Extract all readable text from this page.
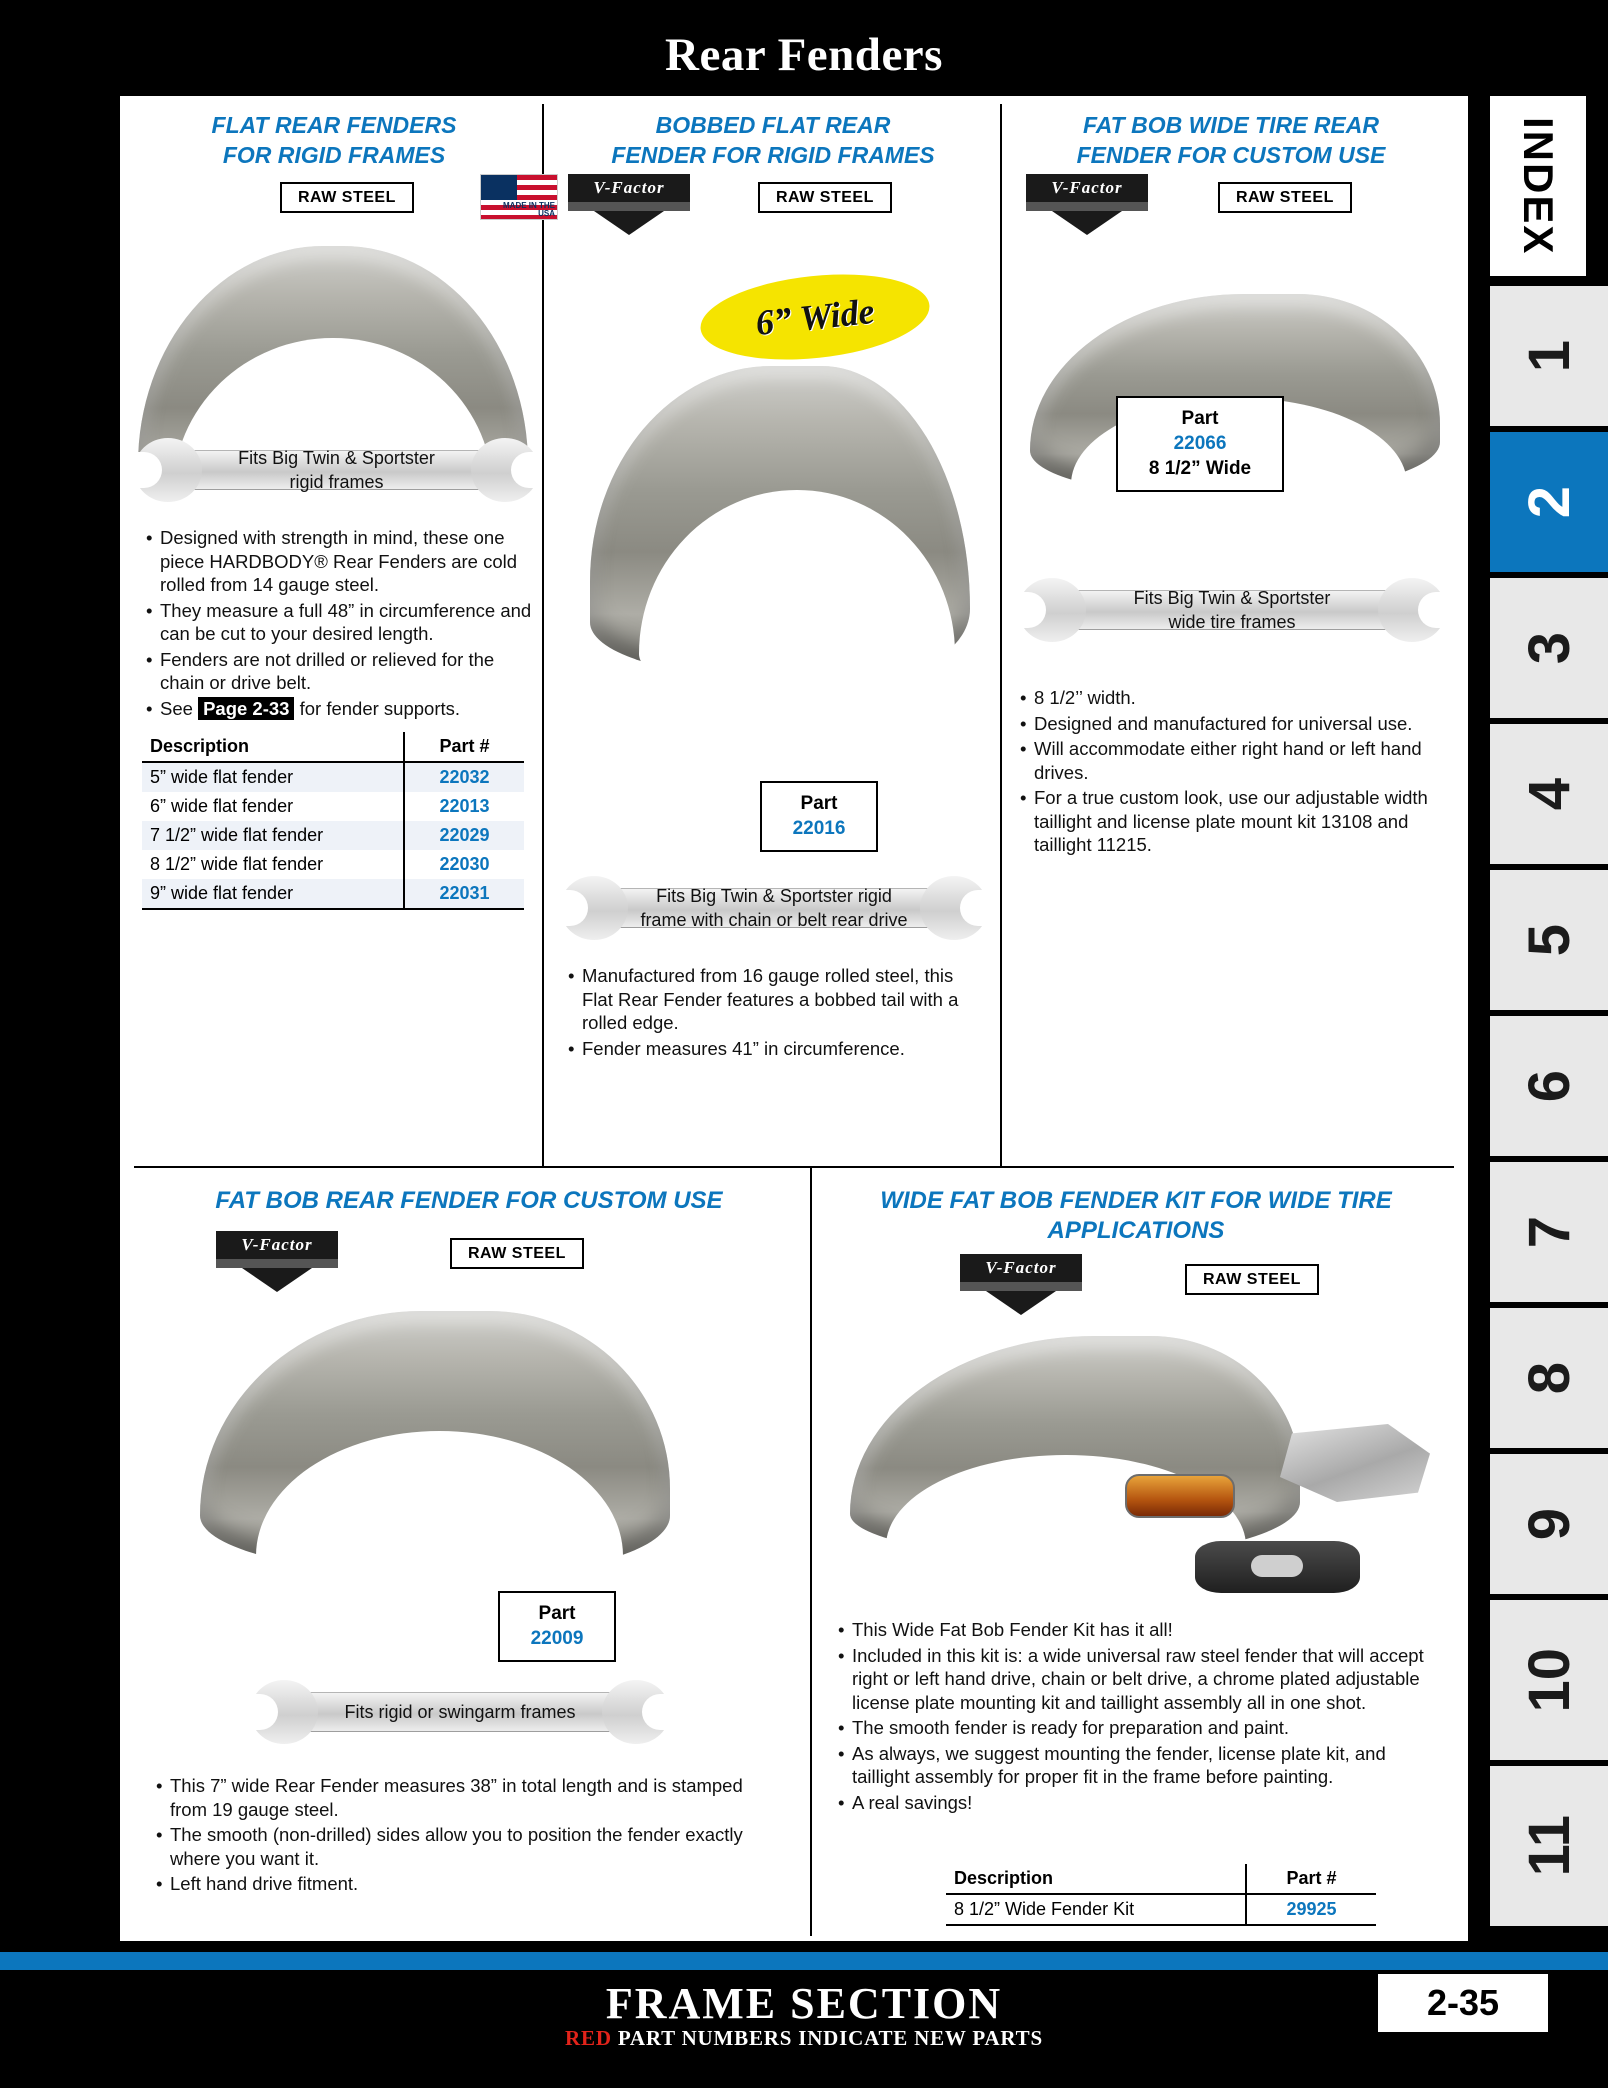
Rear Fenders
FLAT REAR FENDERS
FOR RIGID FRAMES
RAW STEEL	MADE IN THE
USA
Fits Big Twin & Sportster
rigid frames
• Designed with strength in mind, these one piece HARDBODY® Rear Fenders are cold rolled from 14 gauge steel.
• They measure a full 48” in circumference and can be cut to your desired length.
• Fenders are not drilled or relieved for the chain or drive belt.
• See Page 2-33 for fender supports.
Description	Part #
5” wide flat fender	22032
6” wide flat fender	22013
7 1/2” wide flat fender	22029
8 1/2” wide flat fender	22030
9” wide flat fender	22031
BOBBED FLAT REAR
FENDER FOR RIGID FRAMES
V-Factor
RAW STEEL
6” Wide
Part
22016
Fits Big Twin & Sportster rigid
frame with chain or belt rear drive
• Manufactured from 16 gauge rolled steel, this Flat Rear Fender features a bobbed tail with a rolled edge.
• Fender measures 41” in circumference.
FAT BOB WIDE TIRE REAR
FENDER FOR CUSTOM USE
V-Factor
RAW STEEL
Part
22066
8 1/2” Wide
Fits Big Twin & Sportster
wide tire frames
• 8 1/2’’ width.
• Designed and manufactured for universal use.
• Will accommodate either right hand or left hand drives.
• For a true custom look, use our adjustable width taillight and license plate mount kit 13108 and taillight 11215.
FAT BOB REAR FENDER FOR CUSTOM USE
V-Factor	RAW STEEL
Part
22009
Fits rigid or swingarm frames
• This 7” wide Rear Fender measures 38” in total length and is stamped from 19 gauge steel.
• The smooth (non-drilled) sides allow you to position the fender exactly where you want it.
• Left hand drive fitment.
WIDE FAT BOB FENDER KIT FOR WIDE TIRE
APPLICATIONS
V-Factor
RAW STEEL
• This Wide Fat Bob Fender Kit has it all!
• Included in this kit is: a wide universal raw steel fender that will accept right or left hand drive, chain or belt drive, a chrome plated adjustable license plate mounting kit and taillight assembly all in one shot.
• The smooth fender is ready for preparation and paint.
• As always, we suggest mounting the fender, license plate kit, and taillight assembly for proper fit in the frame before painting.
• A real savings!
Description	Part #
8 1/2” Wide Fender Kit	29925
INDEX
1
2
3
4
5
6
7
8
9
10
11
FRAME SECTION
RED PART NUMBERS INDICATE NEW PARTS
2-35
